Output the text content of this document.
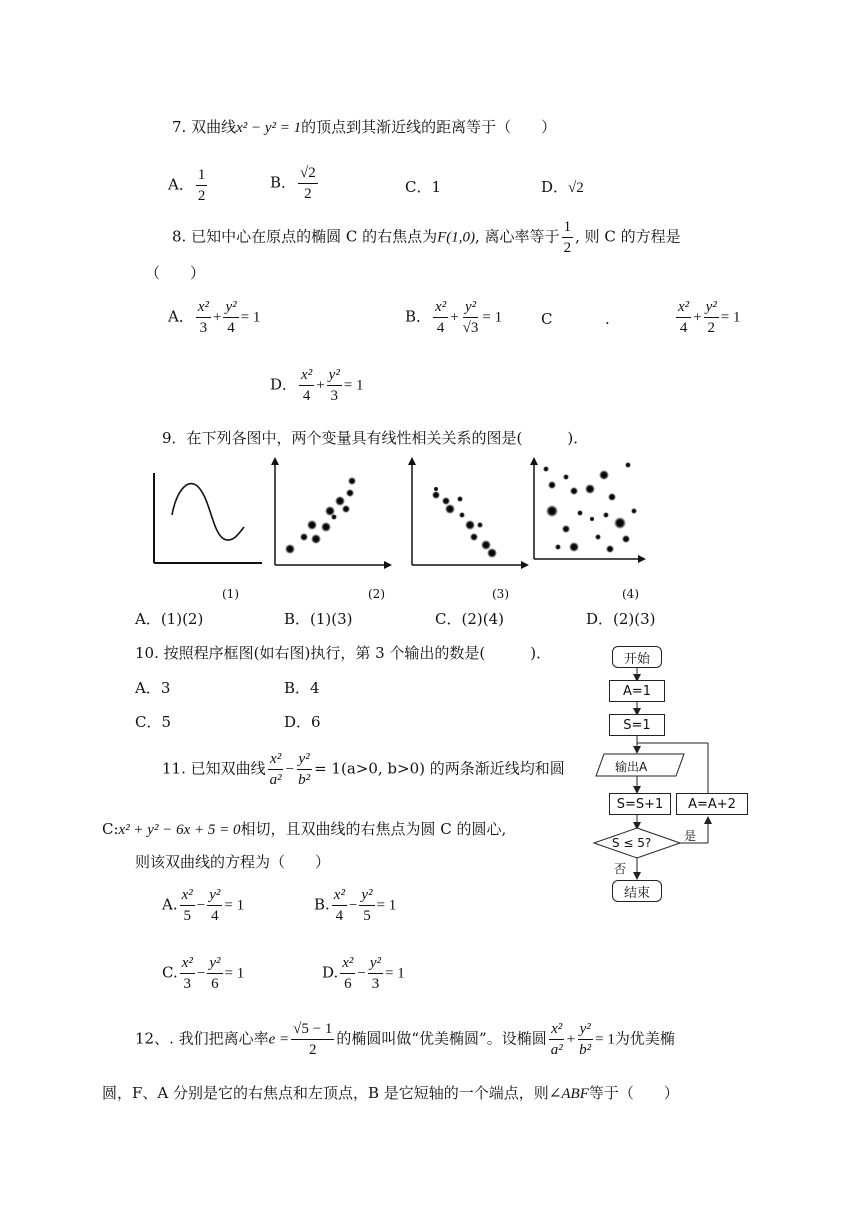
7. 双曲线x² − y² = 1的顶点到其渐近线的距离等于（　　）
A． $\frac{1}{2}$	B． $\frac{√2}{2}$	C．1	D．√2
8. 已知中心在原点的椭圆 C 的右焦点为F(1,0), 离心率等于 $\frac{1}{2}$ , 则 C 的方程是
（　　）
A． $\frac{\text{x²}}{3} + \frac{\text{y²}}{4} = 1$	B． $\frac{\text{x²}}{4} + \frac{\text{y²}}{√3} = 1$	C	.	$\frac{\text{x²}}{4} + \frac{\text{y²}}{2} = 1$
D． $\frac{\text{x²}}{4} + \frac{\text{y²}}{3} = 1$
9．在下列各图中，两个变量具有线性相关关系的图是(　　　)．
(1)	(2)	(3)	(4)
A．(1)(2)	B．(1)(3)	C．(2)(4)	D．(2)(3)
10. 按照程序框图(如右图)执行，第 3 个输出的数是(　　　)．
A．3	B．4
C．5	D．6
开始
A=1
S=1
输出A
S=S+1	A=A+2
S ≤ 5?	是
否
结束
11. 已知双曲线 $\frac{\text{x²}}{\text{a²}} - \frac{\text{y²}}{\text{b²}} = 1(a>0$, b>0) 的两条渐近线均和圆
C:x² + y² − 6x + 5 = 0相切，且双曲线的右焦点为圆 C 的圆心,
则该双曲线的方程为（　　）
A. $\frac{\text{x²}}{5} - \frac{\text{y²}}{4} = 1$	B. $\frac{\text{x²}}{4} - \frac{\text{y²}}{5} = 1$
C. $\frac{\text{x²}}{3} - \frac{\text{y²}}{6} = 1$	D. $\frac{\text{x²}}{6} - \frac{\text{y²}}{3} = 1$
12、. 我们把离心率$e = \frac{√5 - 1}{2}$ 的椭圆叫做“优美椭圆”。设椭圆 $\frac{\text{x²}}{\text{a²}} + \frac{\text{y²}}{\text{b²}} = 1$为优美椭
圆，F、A 分别是它的右焦点和左顶点，B 是它短轴的一个端点，则∠ABF等于（　　）
